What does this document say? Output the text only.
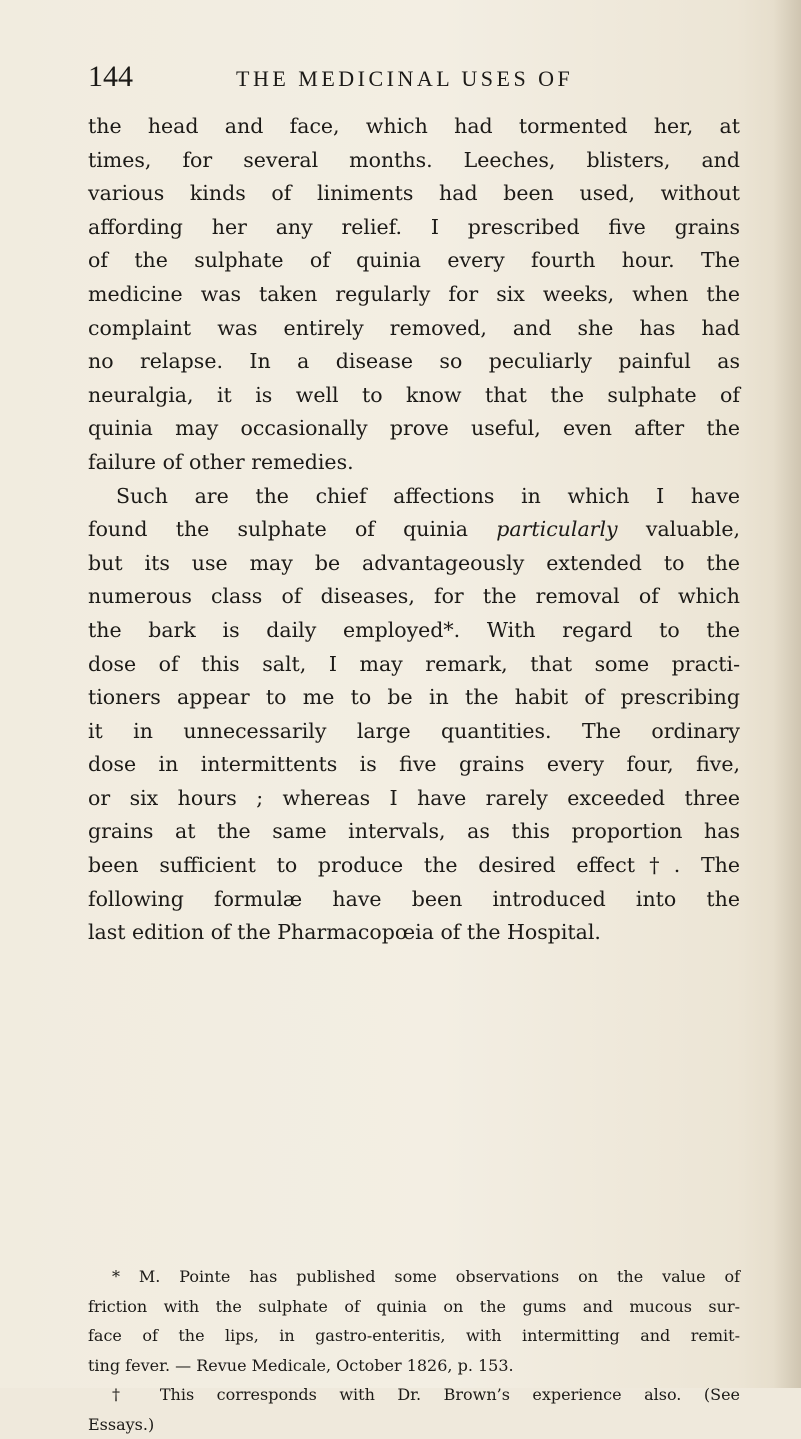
144	THE MEDICINAL USES OF
the head and face, which had tormented her, at
times, for several months. Leeches, blisters, and
various kinds of liniments had been used, without
affording her any relief. I prescribed five grains
of the sulphate of quinia every fourth hour. The
medicine was taken regularly for six weeks, when the
complaint was entirely removed, and she has had
no relapse. In a disease so peculiarly painful as
neuralgia, it is well to know that the sulphate of
quinia may occasionally prove useful, even after the
failure of other remedies.
Such are the chief affections in which I have
found the sulphate of quinia particularly valuable,
but its use may be advantageously extended to the
numerous class of diseases, for the removal of which
the bark is daily employed*. With regard to the
dose of this salt, I may remark, that some practi-
tioners appear to me to be in the habit of prescribing
it in unnecessarily large quantities. The ordinary
dose in intermittents is five grains every four, five,
or six hours ; whereas I have rarely exceeded three
grains at the same intervals, as this proportion has
been sufficient to produce the desired effect†. The
following formulæ have been introduced into the
last edition of the Pharmacopœia of the Hospital.
* M. Pointe has published some observations on the value of
friction with the sulphate of quinia on the gums and mucous sur-
face of the lips, in gastro-enteritis, with intermitting and remit-
ting fever. — Revue Medicale, October 1826, p. 153.
† This corresponds with Dr. Brown’s experience also. (See
Essays.)
